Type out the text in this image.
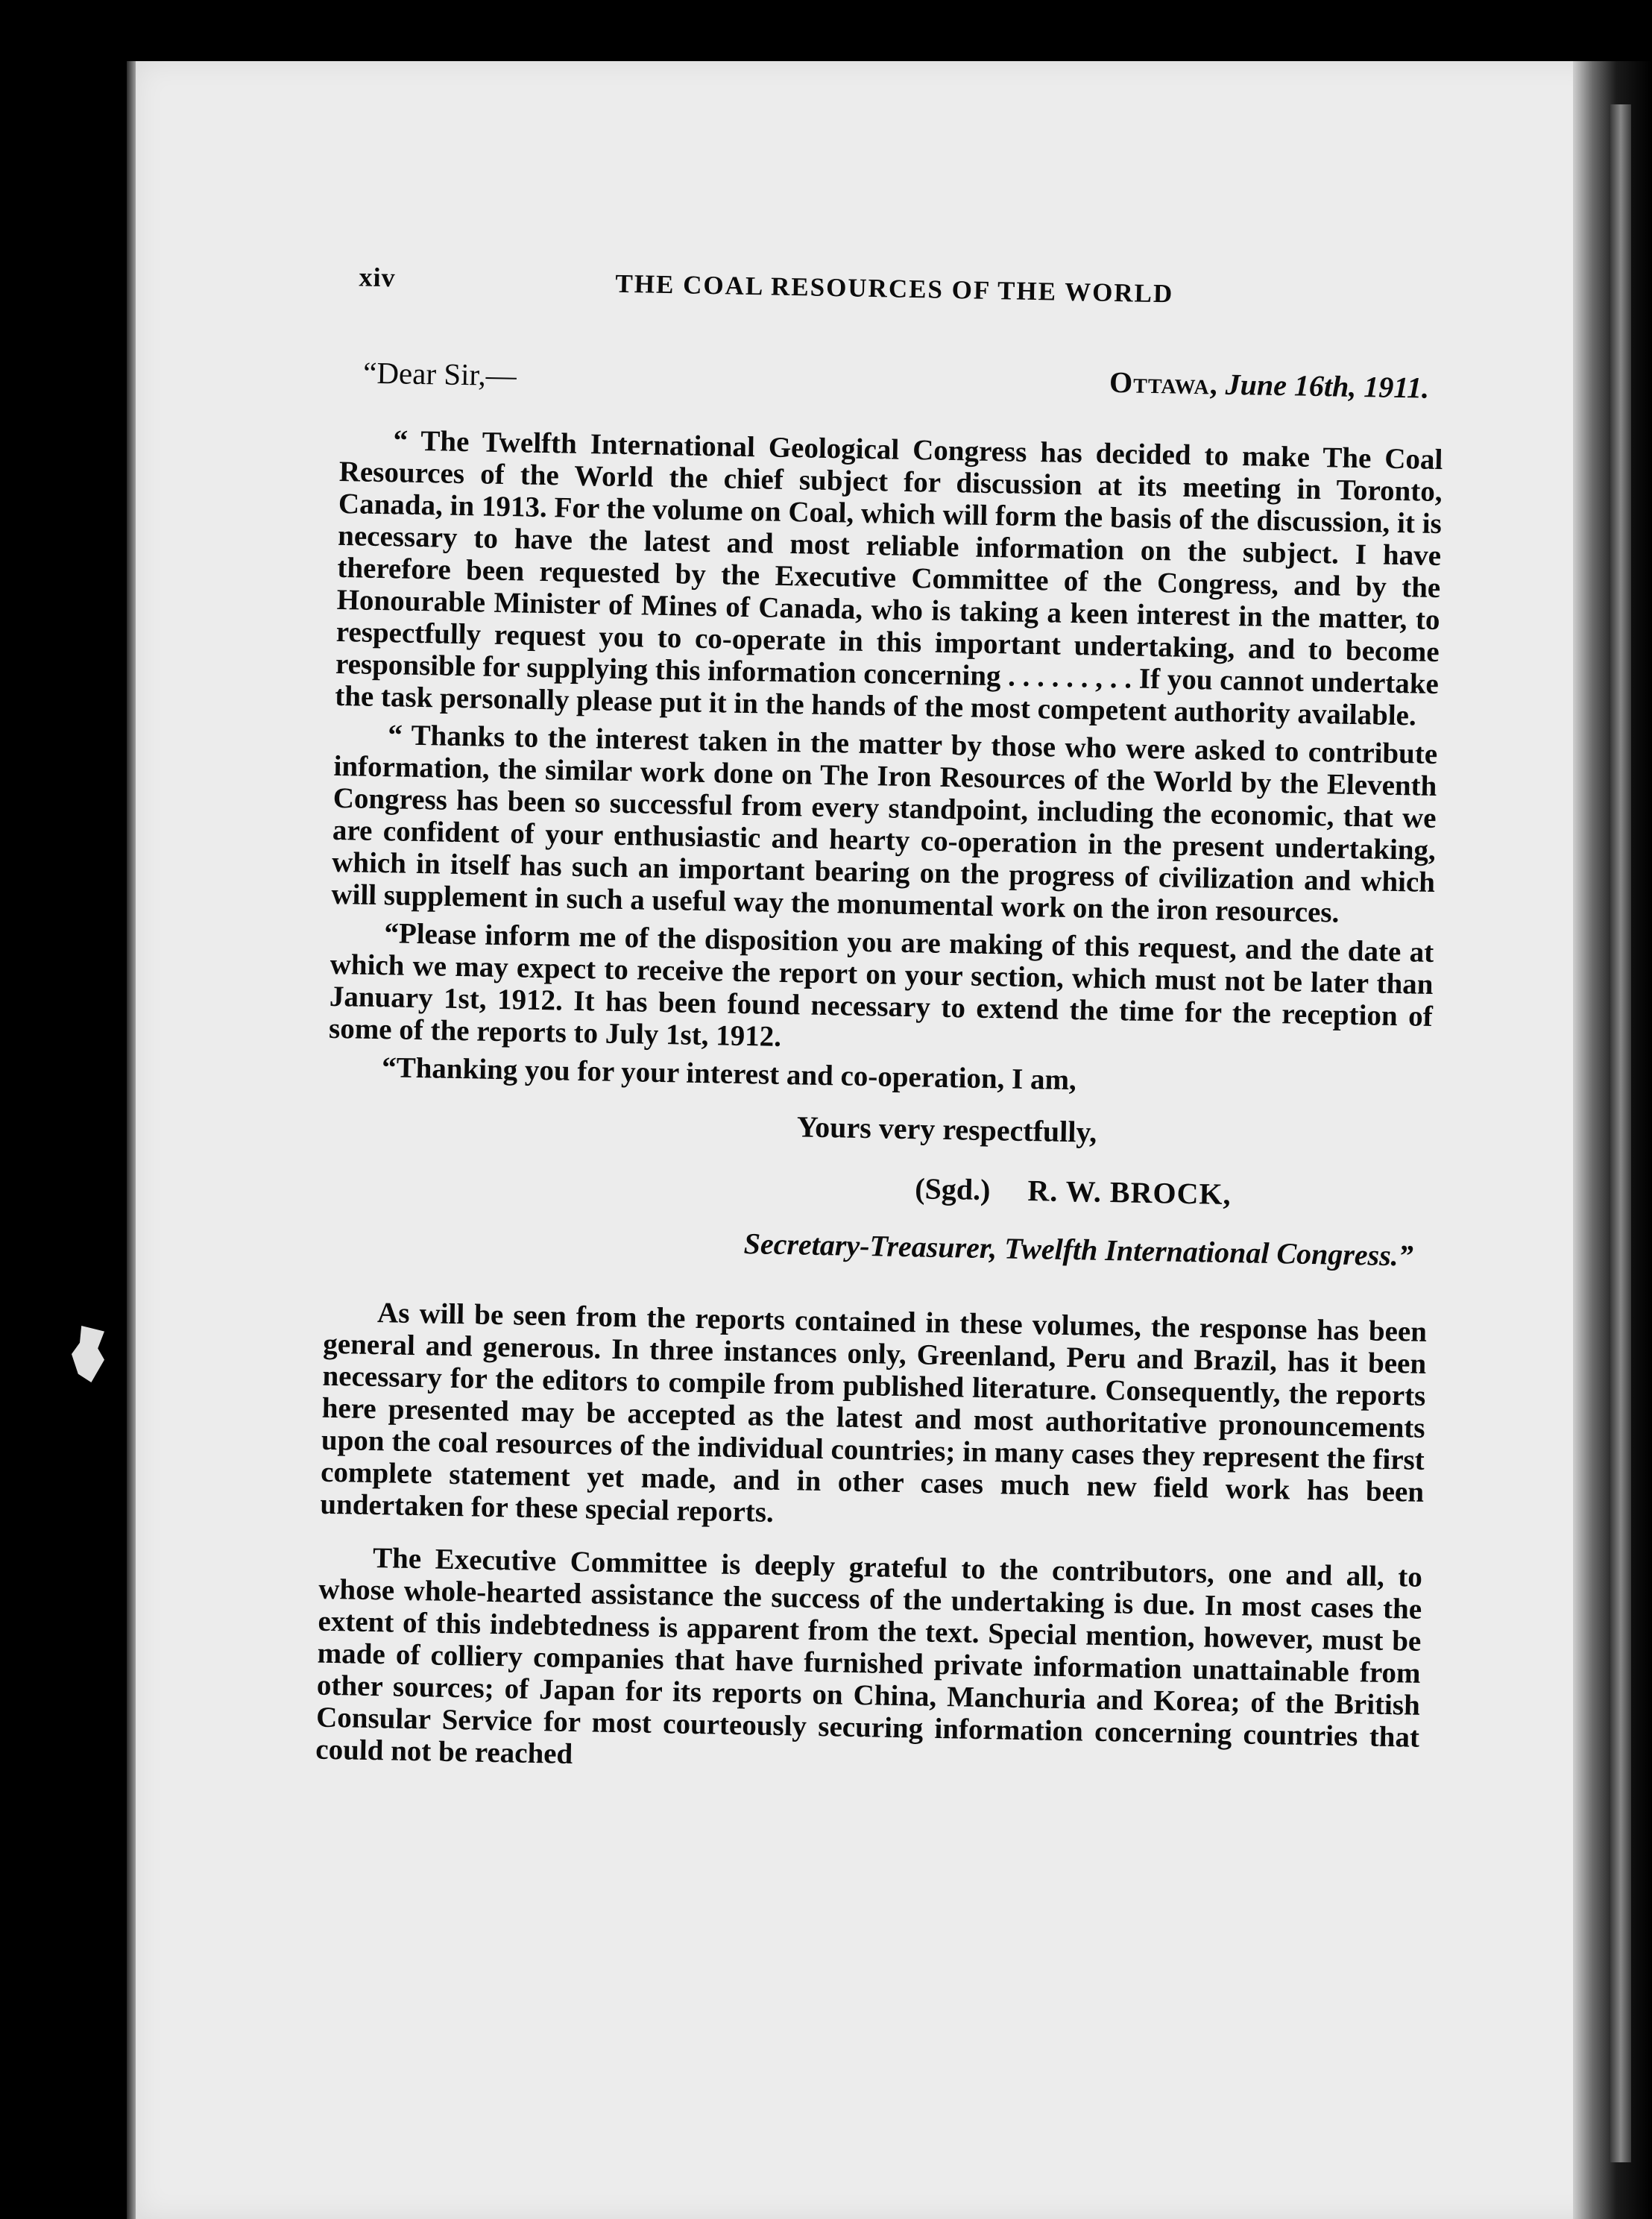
xiv	THE COAL RESOURCES OF THE WORLD
“Dear Sir,—	Ottawa, June 16th, 1911.

“ The Twelfth International Geological Congress has decided to make The Coal Resources of the World the chief subject for discussion at its meeting in Toronto, Canada, in 1913. For the volume on Coal, which will form the basis of the discussion, it is necessary to have the latest and most reliable information on the subject. I have therefore been requested by the Executive Committee of the Congress, and by the Honourable Minister of Mines of Canada, who is taking a keen interest in the matter, to respectfully request you to co-operate in this important undertaking, and to become responsible for supplying this information concerning . . . . . . , . . If you cannot undertake the task personally please put it in the hands of the most competent authority available.

“ Thanks to the interest taken in the matter by those who were asked to contribute information, the similar work done on The Iron Resources of the World by the Eleventh Congress has been so successful from every standpoint, including the economic, that we are confident of your enthusiastic and hearty co-operation in the present undertaking, which in itself has such an important bearing on the progress of civilization and which will supplement in such a useful way the monumental work on the iron resources.

“Please inform me of the disposition you are making of this request, and the date at which we may expect to receive the report on your section, which must not be later than January 1st, 1912. It has been found necessary to extend the time for the reception of some of the reports to July 1st, 1912.

“Thanking you for your interest and co-operation, I am,

Yours very respectfully,
(Sgd.) R. W. BROCK,
Secretary-Treasurer, Twelfth International Congress.”

As will be seen from the reports contained in these volumes, the response has been general and generous. In three instances only, Greenland, Peru and Brazil, has it been necessary for the editors to compile from published literature. Consequently, the reports here presented may be accepted as the latest and most authoritative pronouncements upon the coal resources of the individual countries; in many cases they represent the first complete statement yet made, and in other cases much new field work has been undertaken for these special reports.

The Executive Committee is deeply grateful to the contributors, one and all, to whose whole-hearted assistance the success of the undertaking is due. In most cases the extent of this indebtedness is apparent from the text. Special mention, however, must be made of colliery companies that have furnished private information unattainable from other sources; of Japan for its reports on China, Manchuria and Korea; of the British Consular Service for most courteously securing information concerning countries that could not be reached
